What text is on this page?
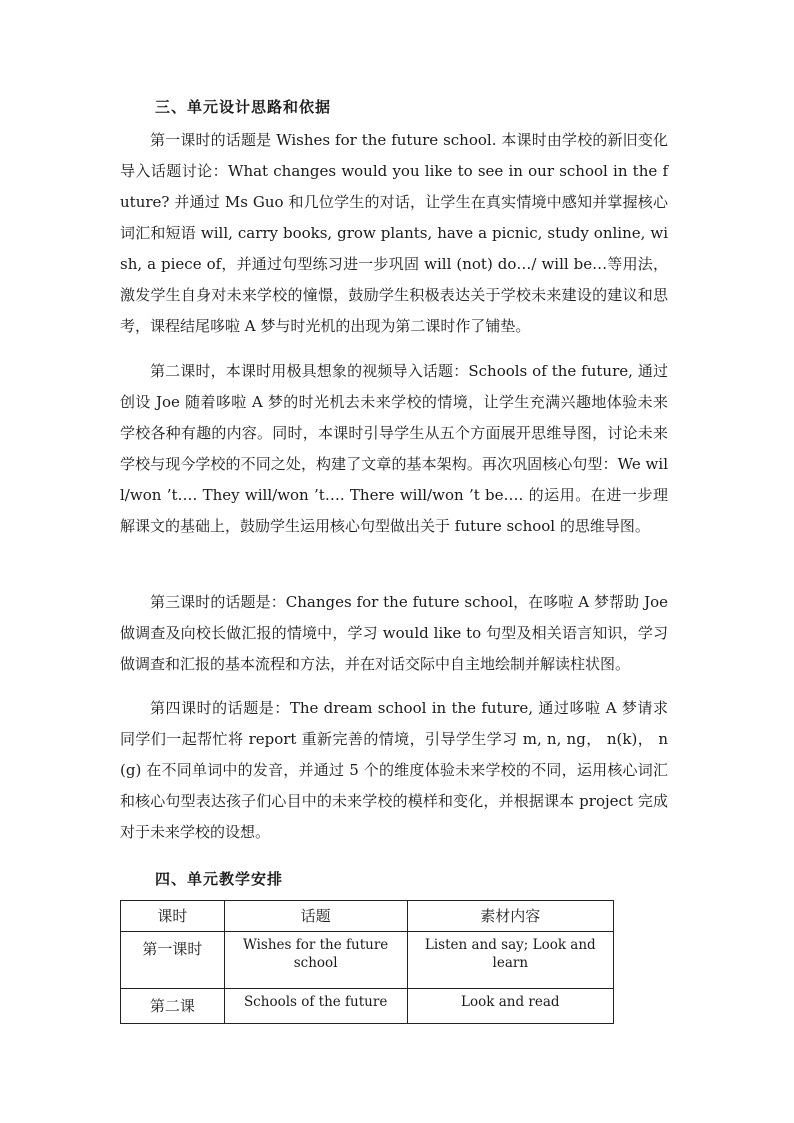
三、单元设计思路和依据

第一课时的话题是 Wishes for the future school. 本课时由学校的新旧变化导入话题讨论：What changes would you like to see in our school in the future? 并通过 Ms Guo 和几位学生的对话，让学生在真实情境中感知并掌握核心词汇和短语 will, carry books, grow plants, have a picnic, study online, wish, a piece of，并通过句型练习进一步巩固 will (not) do…/ will be…等用法，激发学生自身对未来学校的憧憬，鼓励学生积极表达关于学校未来建设的建议和思考，课程结尾哆啦 A 梦与时光机的出现为第二课时作了铺垫。

第二课时，本课时用极具想象的视频导入话题：Schools of the future, 通过创设 Joe 随着哆啦 A 梦的时光机去未来学校的情境，让学生充满兴趣地体验未来学校各种有趣的内容。同时，本课时引导学生从五个方面展开思维导图，讨论未来学校与现今学校的不同之处，构建了文章的基本架构。再次巩固核心句型：We will/won ’t…. They will/won ’t…. There will/won ’t be…. 的运用。在进一步理解课文的基础上，鼓励学生运用核心句型做出关于 future school 的思维导图。

第三课时的话题是：Changes for the future school，在哆啦 A 梦帮助 Joe 做调查及向校长做汇报的情境中，学习 would like to 句型及相关语言知识，学习做调查和汇报的基本流程和方法，并在对话交际中自主地绘制并解读柱状图。

第四课时的话题是：The dream school in the future, 通过哆啦 A 梦请求同学们一起帮忙将 report 重新完善的情境，引导学生学习 m, n, ng， n(k)， n(g) 在不同单词中的发音，并通过 5 个的维度体验未来学校的不同，运用核心词汇和核心句型表达孩子们心目中的未来学校的模样和变化，并根据课本 project 完成对于未来学校的设想。

四、单元教学安排
课时	话题	素材内容
第一课时	Wishes for the future school	Listen and say; Look and learn
第二课	Schools of the future	Look and read
